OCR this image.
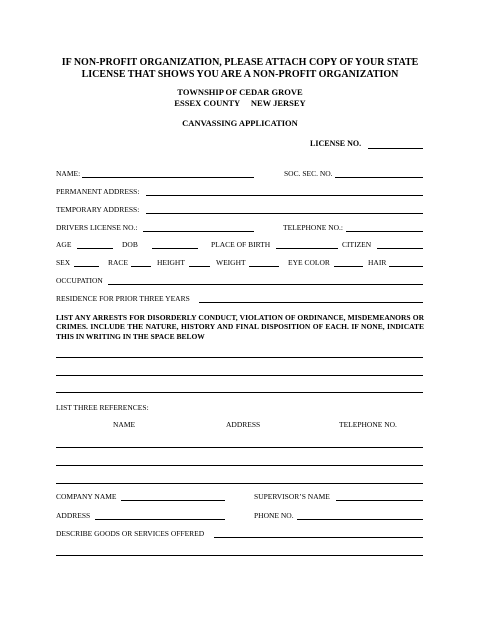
IF NON-PROFIT ORGANIZATION, PLEASE ATTACH COPY OF YOUR STATE
LICENSE THAT SHOWS YOU ARE A NON-PROFIT ORGANIZATION
TOWNSHIP OF CEDAR GROVE
ESSEX COUNTY NEW JERSEY
CANVASSING APPLICATION
LICENSE NO.
NAME:	SOC. SEC. NO.
PERMANENT ADDRESS:
TEMPORARY ADDRESS:
DRIVERS LICENSE NO.:	TELEPHONE NO.:
AGE	DOB	PLACE OF BIRTH	CITIZEN
SEX	RACE	HEIGHT	WEIGHT	EYE COLOR	HAIR
OCCUPATION
RESIDENCE FOR PRIOR THREE YEARS
LIST ANY ARRESTS FOR DISORDERLY CONDUCT, VIOLATION OF ORDINANCE, MISDEMEANORS OR CRIMES. INCLUDE THE NATURE, HISTORY AND FINAL DISPOSITION OF EACH. IF NONE, INDICATE THIS IN WRITING IN THE SPACE BELOW
LIST THREE REFERENCES:
NAME	ADDRESS	TELEPHONE NO.
COMPANY NAME	SUPERVISOR’S NAME
ADDRESS	PHONE NO.
DESCRIBE GOODS OR SERVICES OFFERED
